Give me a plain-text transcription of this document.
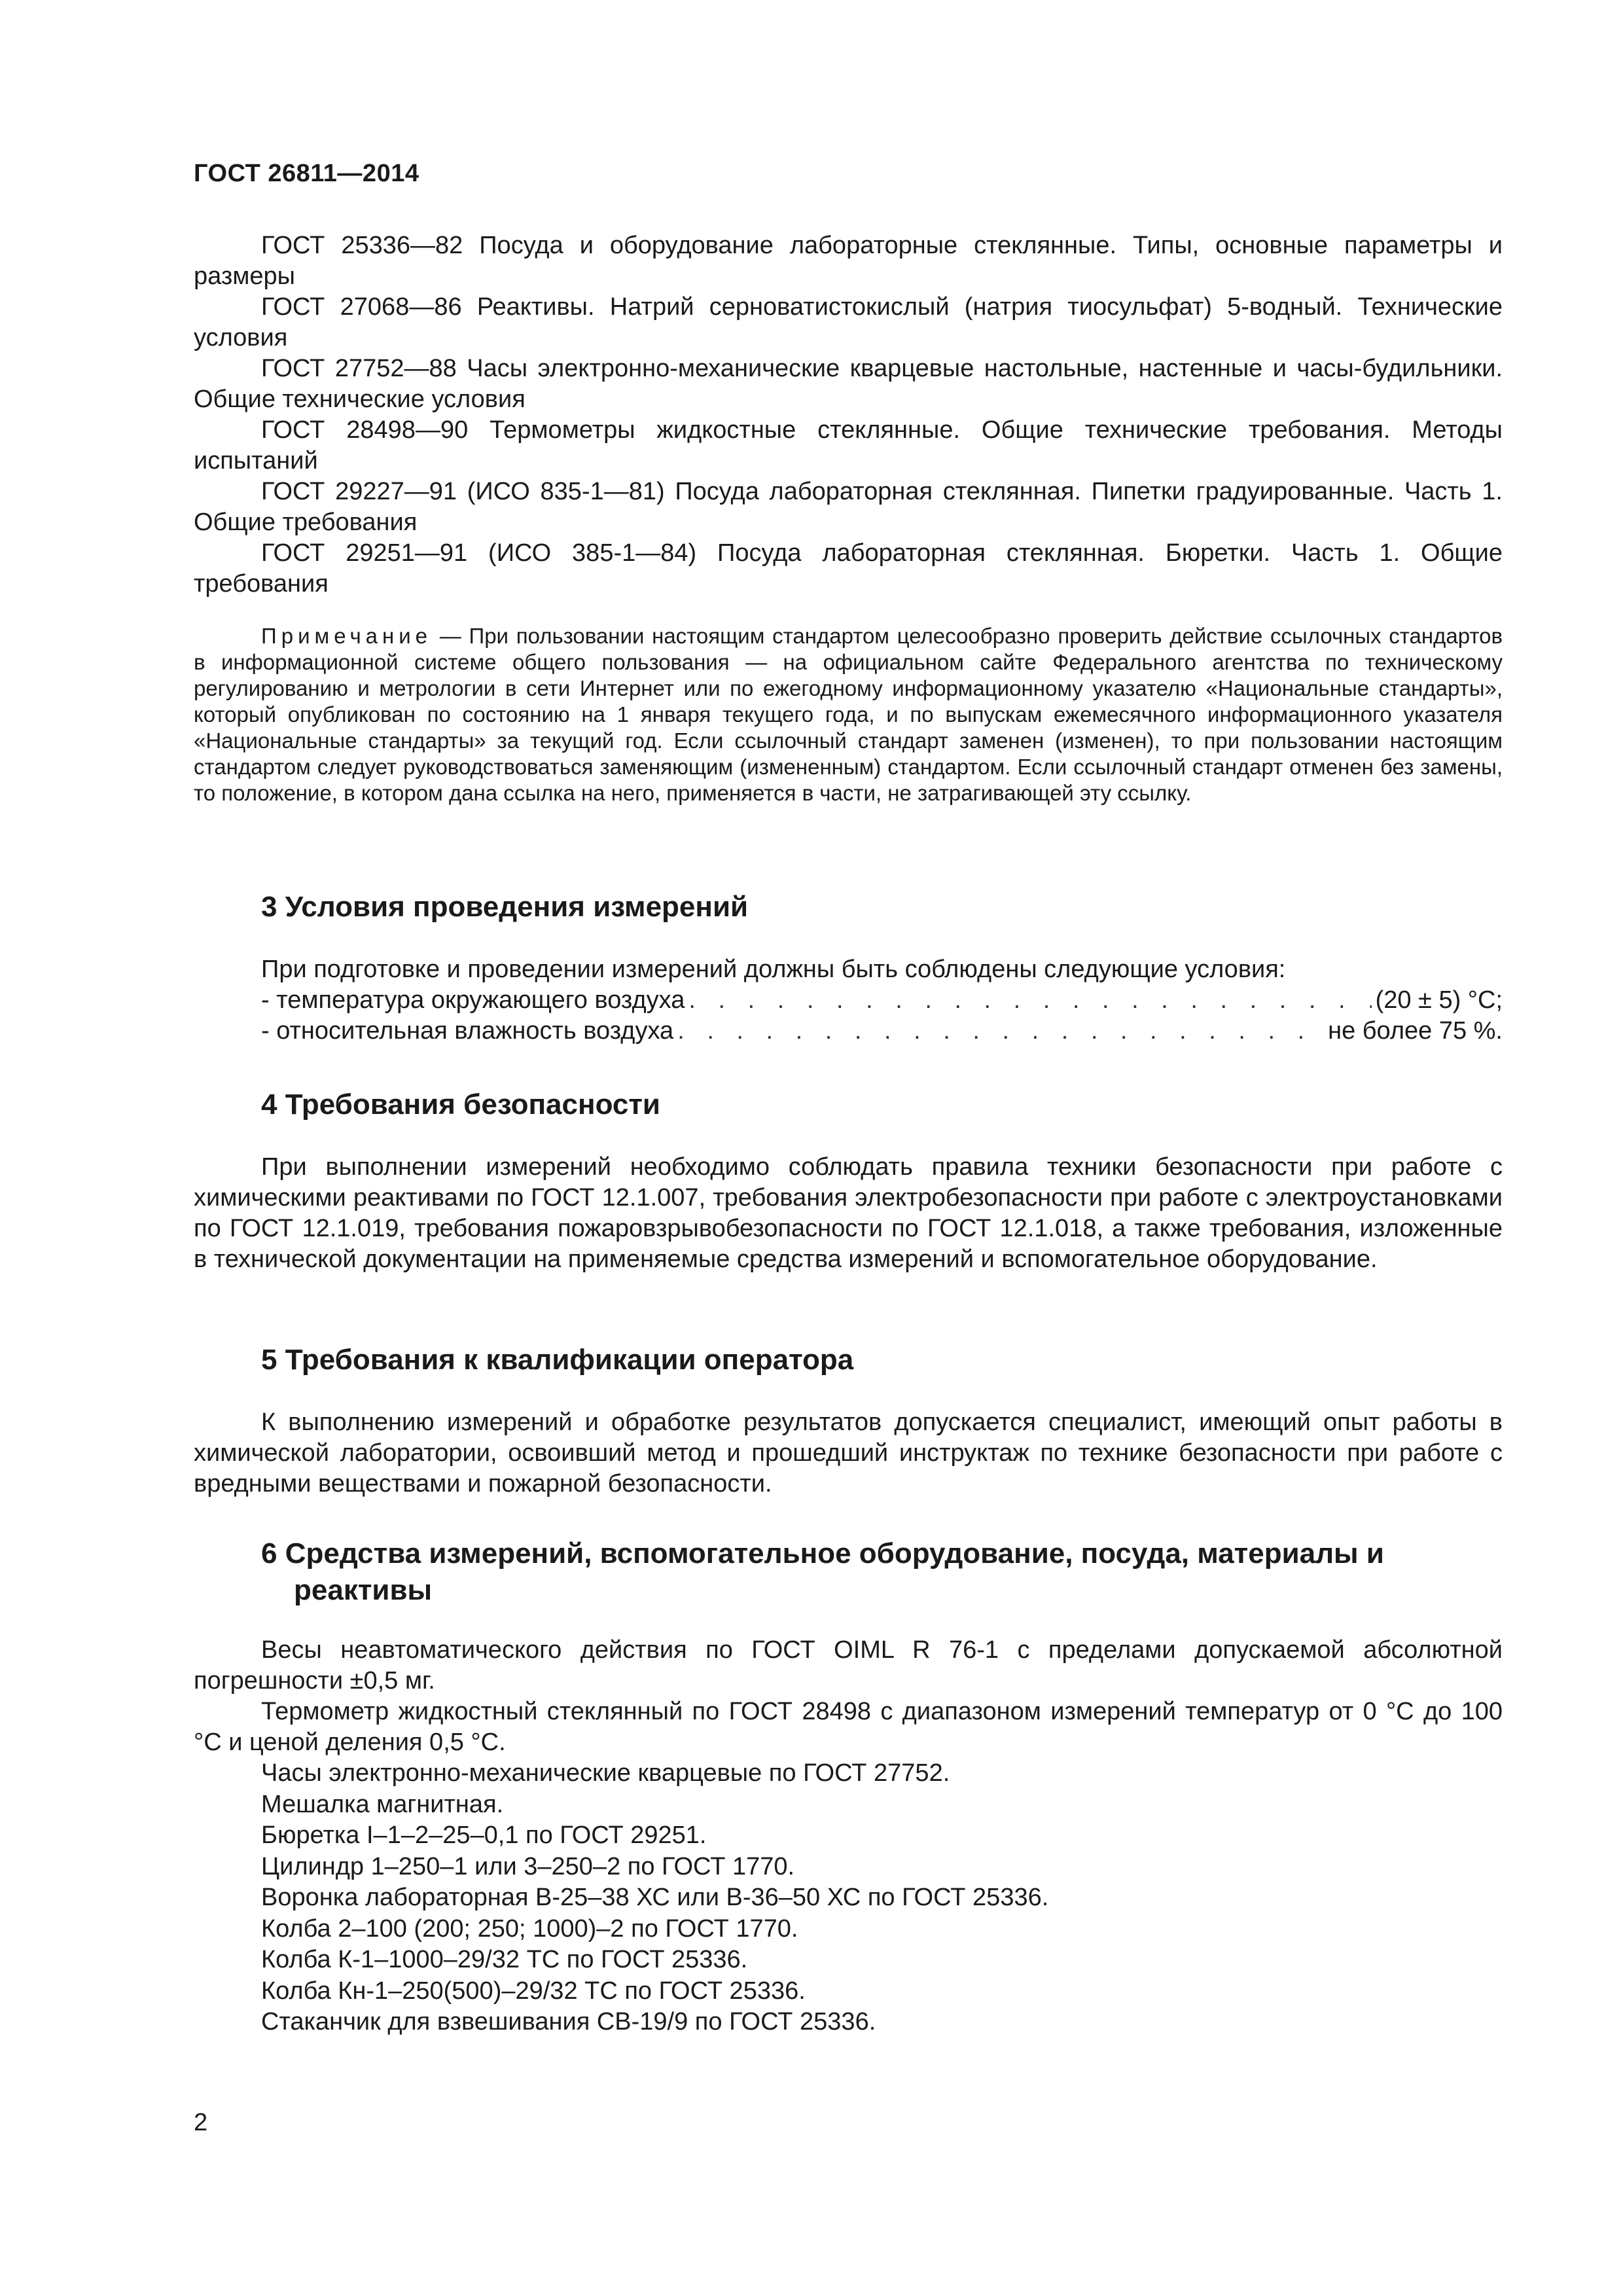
ГОСТ 26811—2014

ГОСТ 25336—82 Посуда и оборудование лабораторные стеклянные. Типы, основные параметры и размеры

ГОСТ 27068—86 Реактивы. Натрий серноватистокислый (натрия тиосульфат) 5-водный. Технические условия

ГОСТ 27752—88 Часы электронно-механические кварцевые настольные, настенные и часы-будильники. Общие технические условия

ГОСТ 28498—90 Термометры жидкостные стеклянные. Общие технические требования. Методы испытаний

ГОСТ 29227—91 (ИСО 835-1—81) Посуда лабораторная стеклянная. Пипетки градуированные. Часть 1. Общие требования

ГОСТ 29251—91 (ИСО 385-1—84) Посуда лабораторная стеклянная. Бюретки. Часть 1. Общие требования

Примечание — При пользовании настоящим стандартом целесообразно проверить действие ссылочных стандартов в информационной системе общего пользования — на официальном сайте Федерального агентства по техническому регулированию и метрологии в сети Интернет или по ежегодному информационному указателю «Национальные стандарты», который опубликован по состоянию на 1 января текущего года, и по выпускам ежемесячного информационного указателя «Национальные стандарты» за текущий год. Если ссылочный стандарт заменен (изменен), то при пользовании настоящим стандартом следует руководствоваться заменяющим (измененным) стандартом. Если ссылочный стандарт отменен без замены, то положение, в котором дана ссылка на него, применяется в части, не затрагивающей эту ссылку.

3 Условия проведения измерений

При подготовке и проведении измерений должны быть соблюдены следующие условия:

- температура окружающего воздуха . . .	(20 ± 5) °С;
- относительная влажность воздуха . . .	не более 75 %.
4 Требования безопасности

При выполнении измерений необходимо соблюдать правила техники безопасности при работе с химическими реактивами по ГОСТ 12.1.007, требования электробезопасности при работе с электроустановками по ГОСТ 12.1.019, требования пожаровзрывобезопасности по ГОСТ 12.1.018, а также требования, изложенные в технической документации на применяемые средства измерений и вспомогательное оборудование.

5 Требования к квалификации оператора

К выполнению измерений и обработке результатов допускается специалист, имеющий опыт работы в химической лаборатории, освоивший метод и прошедший инструктаж по технике безопасности при работе с вредными веществами и пожарной безопасности.

6 Средства измерений, вспомогательное оборудование, посуда, материалы и реактивы

Весы неавтоматического действия по ГОСТ OIML R 76-1 с пределами допускаемой абсолютной погрешности ±0,5 мг.

Термометр жидкостный стеклянный по ГОСТ 28498 с диапазоном измерений температур от 0 °С до 100 °С и ценой деления 0,5 °С.

Часы электронно-механические кварцевые по ГОСТ 27752.

Мешалка магнитная.

Бюретка I–1–2–25–0,1 по ГОСТ 29251.

Цилиндр 1–250–1 или 3–250–2 по ГОСТ 1770.

Воронка лабораторная В-25–38 ХС или В-36–50 ХС по ГОСТ 25336.

Колба 2–100 (200; 250; 1000)–2 по ГОСТ 1770.

Колба К-1–1000–29/32 ТС по ГОСТ 25336.

Колба Кн-1–250(500)–29/32 ТС по ГОСТ 25336.

Стаканчик для взвешивания СВ-19/9 по ГОСТ 25336.

2
